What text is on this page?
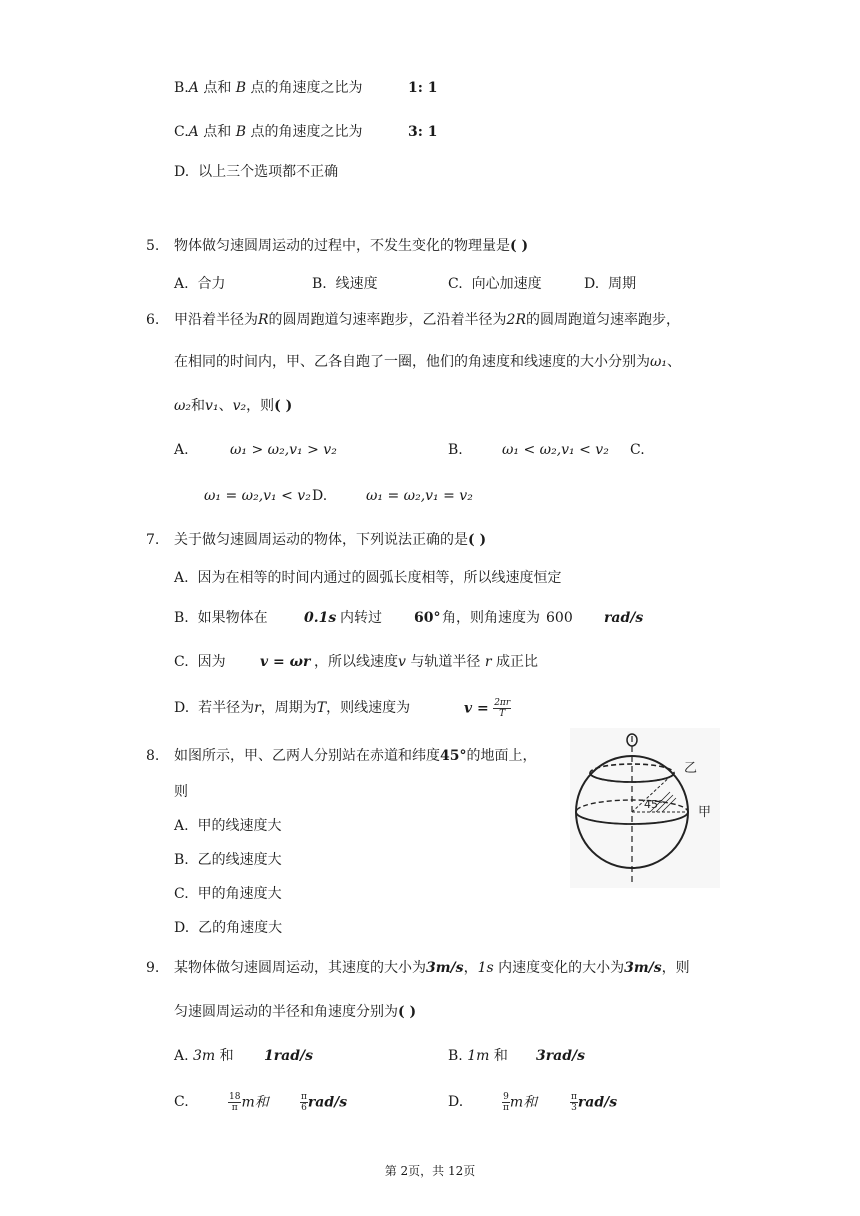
B.A 点和 B 点的角速度之比为	1: 1
C.A 点和 B 点的角速度之比为	3: 1
D. 以上三个选项都不正确
5. 物体做匀速圆周运动的过程中，不发生变化的物理量是( )
A. 合力	B. 线速度	C. 向心加速度	D. 周期
6. 甲沿着半径为R的圆周跑道匀速率跑步，乙沿着半径为2R的圆周跑道匀速率跑步，
在相同的时间内，甲、乙各自跑了一圈，他们的角速度和线速度的大小分别为ω₁、
ω₂和v₁、v₂，则( )
A.	ω₁ > ω₂,v₁ > v₂	B.	ω₁ < ω₂,v₁ < v₂ C.
ω₁ = ω₂,v₁ < v₂ D.	ω₁ = ω₂,v₁ = v₂
7. 关于做匀速圆周运动的物体，下列说法正确的是( )
A. 因为在相等的时间内通过的圆弧长度相等，所以线速度恒定
B. 如果物体在	0.1s 内转过 60° 角，则角速度为 600 rad/s
C. 因为 v = ωr ，所以线速度v 与轨道半径 r 成正比
D. 若半径为r，周期为T，则线速度为	$v = \frac{2\pi r}{T}$
8. 如图所示，甲、乙两人分别站在赤道和纬度45°的地面上，
则
A. 甲的线速度大
B. 乙的线速度大
C. 甲的角速度大
D. 乙的角速度大
45°
乙
甲
9. 某物体做匀速圆周运动，其速度的大小为3m/s，1s 内速度变化的大小为3m/s，则
匀速圆周运动的半径和角速度分别为( )
A. 3m 和 1rad/s	B. 1m 和 3rad/s
C.	$\frac{18}{\pi}$ m和	$\frac{\pi}{6} rad/s$	D.	$\frac{9}{\pi}$ m和	$\frac{\pi}{3} rad/s$
第 2页，共 12页
